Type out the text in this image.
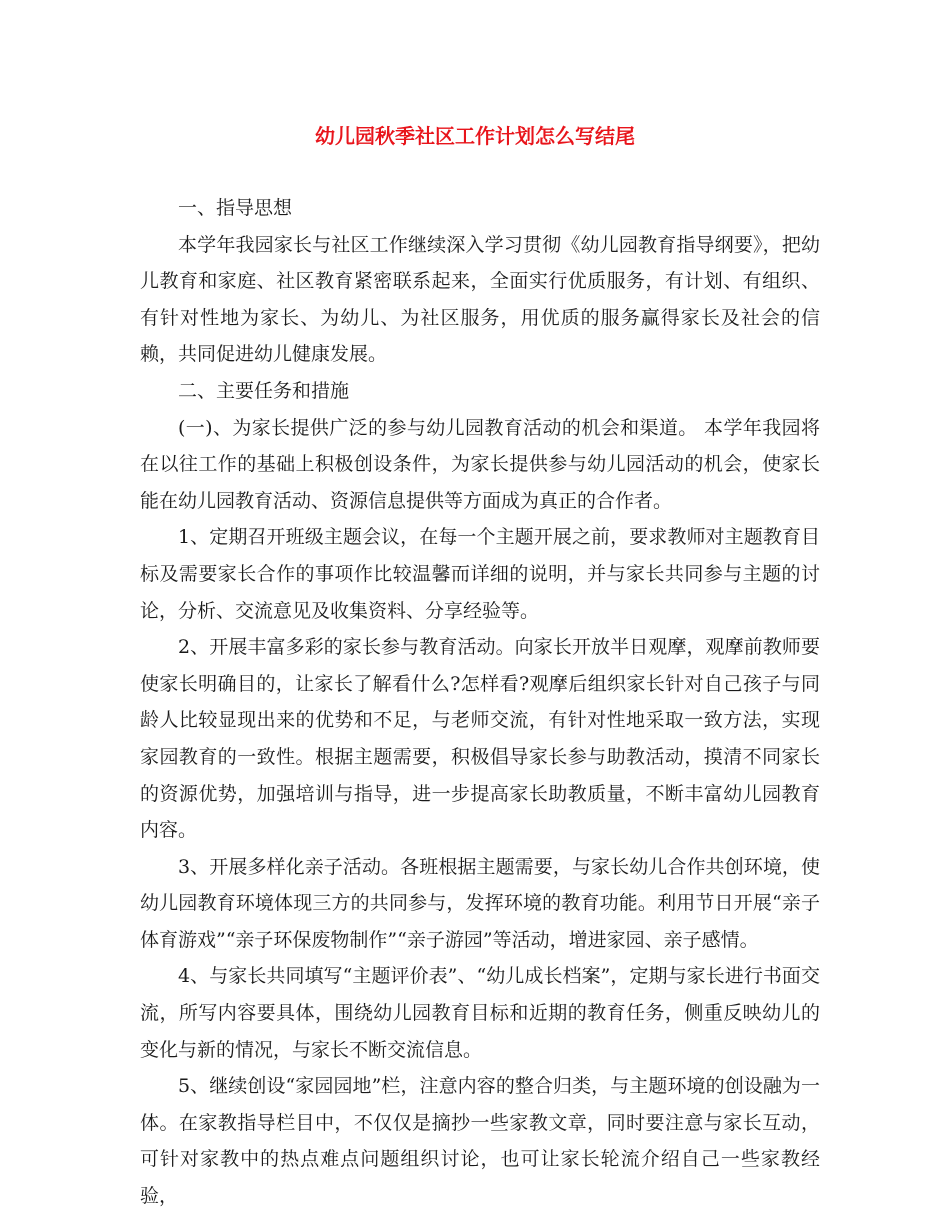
幼儿园秋季社区工作计划怎么写结尾

一、指导思想

本学年我园家长与社区工作继续深入学习贯彻《幼儿园教育指导纲要》，把幼儿教育和家庭、社区教育紧密联系起来，全面实行优质服务，有计划、有组织、有针对性地为家长、为幼儿、为社区服务，用优质的服务赢得家长及社会的信赖，共同促进幼儿健康发展。

二、主要任务和措施

(一)、为家长提供广泛的参与幼儿园教育活动的机会和渠道。 本学年我园将在以往工作的基础上积极创设条件，为家长提供参与幼儿园活动的机会，使家长能在幼儿园教育活动、资源信息提供等方面成为真正的合作者。

1、定期召开班级主题会议，在每一个主题开展之前，要求教师对主题教育目标及需要家长合作的事项作比较温馨而详细的说明，并与家长共同参与主题的讨论，分析、交流意见及收集资料、分享经验等。

2、开展丰富多彩的家长参与教育活动。向家长开放半日观摩，观摩前教师要使家长明确目的，让家长了解看什么?怎样看?观摩后组织家长针对自己孩子与同龄人比较显现出来的优势和不足，与老师交流，有针对性地采取一致方法，实现家园教育的一致性。根据主题需要，积极倡导家长参与助教活动，摸清不同家长的资源优势，加强培训与指导，进一步提高家长助教质量，不断丰富幼儿园教育内容。

3、开展多样化亲子活动。各班根据主题需要，与家长幼儿合作共创环境，使幼儿园教育环境体现三方的共同参与，发挥环境的教育功能。利用节日开展“亲子体育游戏”“亲子环保废物制作”“亲子游园”等活动，增进家园、亲子感情。

4、与家长共同填写“主题评价表”、“幼儿成长档案”，定期与家长进行书面交流，所写内容要具体，围绕幼儿园教育目标和近期的教育任务，侧重反映幼儿的变化与新的情况，与家长不断交流信息。

5、继续创设“家园园地”栏，注意内容的整合归类，与主题环境的创设融为一体。在家教指导栏目中，不仅仅是摘抄一些家教文章，同时要注意与家长互动，可针对家教中的热点难点问题组织讨论，也可让家长轮流介绍自己一些家教经验，
